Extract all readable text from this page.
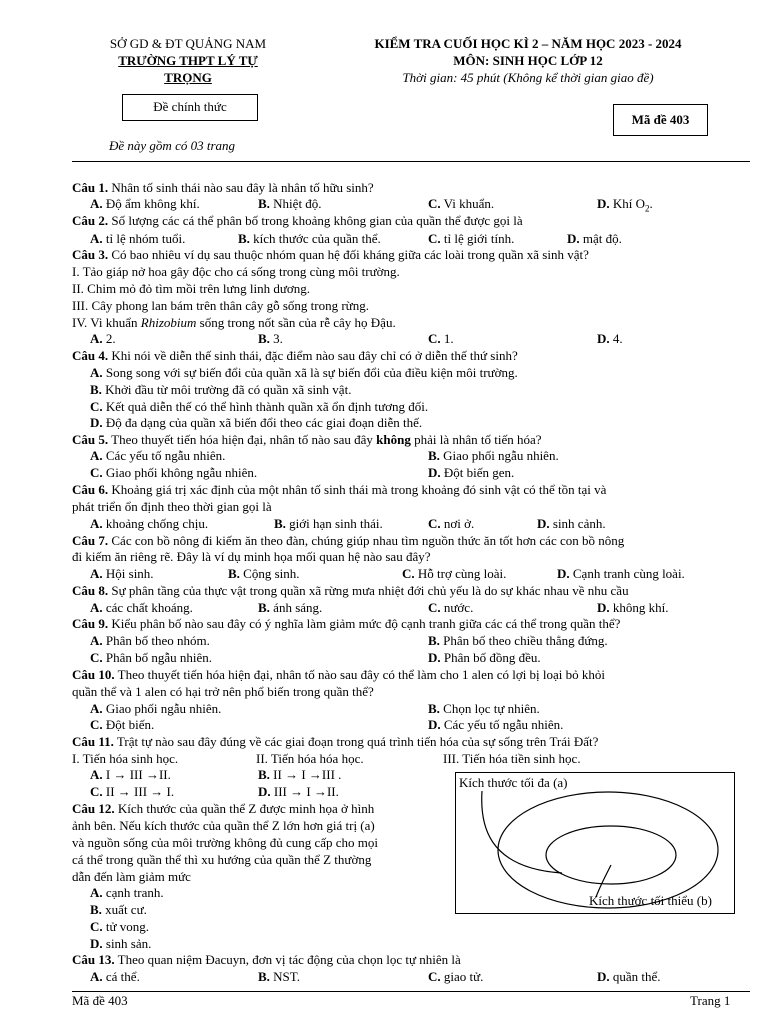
SỞ GD & ĐT QUẢNG NAM
TRƯỜNG THPT LÝ TỰ
TRỌNG
Đề chính thức
Đề này gồm có 03 trang
KIỂM TRA CUỐI HỌC KÌ 2 – NĂM HỌC 2023 - 2024
MÔN: SINH HỌC LỚP 12
Thời gian: 45 phút (Không kể thời gian giao đề)
Mã đề 403
Câu 1. Nhân tố sinh thái nào sau đây là nhân tố hữu sinh?
A. Độ ẩm không khí.	B. Nhiệt độ.	C. Vi khuẩn.	D. Khí $O_2$.
Câu 2. Số lượng các cá thể phân bố trong khoảng không gian của quần thể được gọi là
A. tỉ lệ nhóm tuổi.	B. kích thước của quần thể.	C. tỉ lệ giới tính.	D. mật độ.
Câu 3. Có bao nhiêu ví dụ sau thuộc nhóm quan hệ đối kháng giữa các loài trong quần xã sinh vật?
I. Tảo giáp nở hoa gây độc cho cá sống trong cùng môi trường.
II. Chim mỏ đỏ tìm mồi trên lưng linh dương.
III. Cây phong lan bám trên thân cây gỗ sống trong rừng.
IV. Vi khuẩn Rhizobium sống trong nốt sần của rễ cây họ Đậu.
A. 2.	B. 3.	C. 1.	D. 4.
Câu 4. Khi nói về diễn thế sinh thái, đặc điểm nào sau đây chỉ có ở diễn thế thứ sinh?
A. Song song với sự biến đổi của quần xã là sự biến đổi của điều kiện môi trường.
B. Khởi đầu từ môi trường đã có quần xã sinh vật.
C. Kết quả diễn thế có thể hình thành quần xã ổn định tương đối.
D. Độ đa dạng của quần xã biến đổi theo các giai đoạn diễn thế.
Câu 5. Theo thuyết tiến hóa hiện đại, nhân tố nào sau đây không phải là nhân tố tiến hóa?
A. Các yếu tố ngẫu nhiên.	B. Giao phối ngẫu nhiên.
C. Giao phối không ngẫu nhiên.	D. Đột biến gen.
Câu 6. Khoảng giá trị xác định của một nhân tố sinh thái mà trong khoảng đó sinh vật có thể tồn tại và
phát triển ổn định theo thời gian gọi là
A. khoảng chống chịu.	B. giới hạn sinh thái.	C. nơi ở.	D. sinh cảnh.
Câu 7. Các con bồ nông đi kiếm ăn theo đàn, chúng giúp nhau tìm nguồn thức ăn tốt hơn các con bồ nông
đi kiếm ăn riêng rẽ. Đây là ví dụ minh họa mối quan hệ nào sau đây?
A. Hội sinh.	B. Cộng sinh.	C. Hỗ trợ cùng loài.	D. Cạnh tranh cùng loài.
Câu 8. Sự phân tầng của thực vật trong quần xã rừng mưa nhiệt đới chủ yếu là do sự khác nhau về nhu cầu
A. các chất khoáng.	B. ánh sáng.	C. nước.	D. không khí.
Câu 9. Kiểu phân bố nào sau đây có ý nghĩa làm giảm mức độ cạnh tranh giữa các cá thể trong quần thể?
A. Phân bố theo nhóm.	B. Phân bố theo chiều thẳng đứng.
C. Phân bố ngẫu nhiên.	D. Phân bố đồng đều.
Câu 10. Theo thuyết tiến hóa hiện đại, nhân tố nào sau đây có thể làm cho 1 alen có lợi bị loại bỏ khỏi
quần thể và 1 alen có hại trở nên phổ biến trong quần thể?
A. Giao phối ngẫu nhiên.	B. Chọn lọc tự nhiên.
C. Đột biến.	D. Các yếu tố ngẫu nhiên.
Câu 11. Trật tự nào sau đây đúng về các giai đoạn trong quá trình tiến hóa của sự sống trên Trái Đất?
I. Tiến hóa sinh học.	II. Tiến hóa hóa học.	III. Tiến hóa tiền sinh học.
A. I → III →II.	B. II → I →III .
C. II → III → I.	D. III → I →II.
Câu 12. Kích thước của quần thể Z được minh họa ở hình
ảnh bên. Nếu kích thước của quần thể Z lớn hơn giá trị (a)
và nguồn sống của môi trường không đủ cung cấp cho mọi
cá thể trong quần thể thì xu hướng của quần thể Z thường
dẫn đến làm giảm mức
A. cạnh tranh.
B. xuất cư.
C. tử vong.
D. sinh sản.
Kích thước tối đa (a)
Kích thước tối thiểu (b)
Câu 13. Theo quan niệm Đacuyn, đơn vị tác động của chọn lọc tự nhiên là
A. cá thể.	B. NST.	C. giao tử.	D. quần thể.
Mã đề 403	Trang 1
